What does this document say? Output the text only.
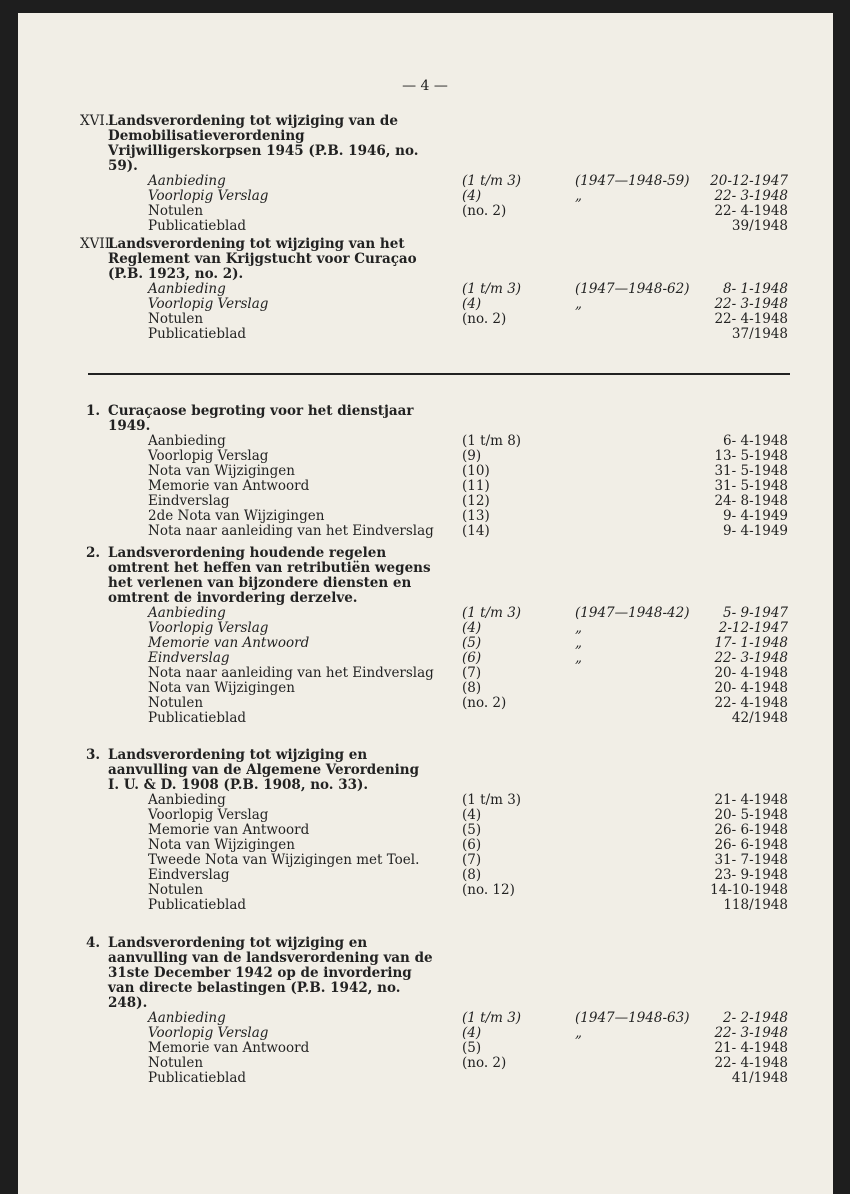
— 4 —
XVI. Landsverordening tot wijziging van de Demobilisatieverordening Vrijwilligerskorpsen 1945 (P.B. 1946, no. 59).
Aanbieding	(1 t/m 3)	(1947—1948-59) 20-12-1947
Voorlopig Verslag	(4)	„	22- 3-1948
Notulen	(no. 2)	22- 4-1948
Publicatieblad	39/1948
XVII.
Landsverordening tot wijziging van het Reglement van Krijgstucht voor Curaçao (P.B. 1923, no. 2).
Aanbieding	(1 t/m 3)	(1947—1948-62) 8- 1-1948
Voorlopig Verslag	(4)	„	22- 3-1948
Notulen	(no. 2)	22- 4-1948
Publicatieblad	37/1948
1. Curaçaose begroting voor het dienstjaar 1949.
Aanbieding	(1 t/m 8)	6- 4-1948
Voorlopig Verslag	(9)	13- 5-1948
Nota van Wijzigingen	(10)	31- 5-1948
Memorie van Antwoord	(11)	31- 5-1948
Eindverslag	(12)	24- 8-1948
2de Nota van Wijzigingen	(13)	9- 4-1949
Nota naar aanleiding van het Eindverslag (14)	9- 4-1949
2. Landsverordening houdende regelen omtrent het heffen van retributiën wegens het verlenen van bijzondere diensten en omtrent de invordering derzelve.
Aanbieding	(1 t/m 3)	(1947—1948-42) 5- 9-1947
Voorlopig Verslag	(4)	„	2-12-1947
Memorie van Antwoord	(5)	„	17- 1-1948
Eindverslag	(6)	„	22- 3-1948
Nota naar aanleiding van het Eindverslag (7)	20- 4-1948
Nota van Wijzigingen	(8)	20- 4-1948
Notulen	(no. 2)	22- 4-1948
Publicatieblad	42/1948
3. Landsverordening tot wijziging en aanvulling van de Algemene Verordening I. U. & D. 1908 (P.B. 1908, no. 33).
Aanbieding	(1 t/m 3)	21- 4-1948
Voorlopig Verslag	(4)	20- 5-1948
Memorie van Antwoord	(5)	26- 6-1948
Nota van Wijzigingen	(6)	26- 6-1948
Tweede Nota van Wijzigingen met Toel.	(7)	31- 7-1948
Eindverslag	(8)	23- 9-1948
Notulen	(no. 12)	14-10-1948
Publicatieblad	118/1948
4. Landsverordening tot wijziging en aanvulling van de landsverordening van de 31ste December 1942 op de invordering van directe belastingen (P.B. 1942, no. 248).
Aanbieding	(1 t/m 3)	(1947—1948-63) 2- 2-1948
Voorlopig Verslag	(4)	„	22- 3-1948
Memorie van Antwoord	(5)	21- 4-1948
Notulen	(no. 2)	22- 4-1948
Publicatieblad	41/1948
